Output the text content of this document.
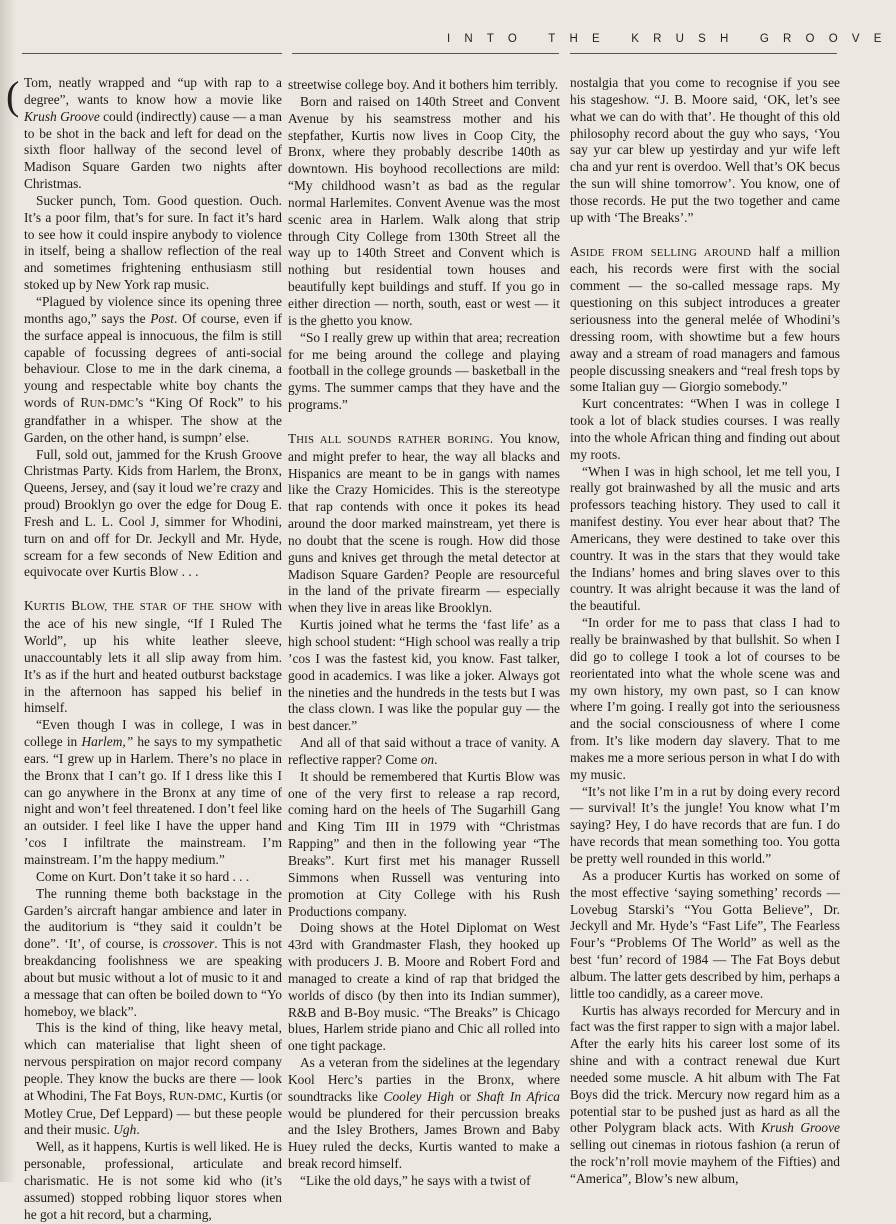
INTO THE KRUSH GROOVE
( Tom, neatly wrapped and “up with rap to a degree”, wants to know how a movie like Krush Groove could (indirectly) cause — a man to be shot in the back and left for dead on the sixth floor hallway of the second level of Madison Square Garden two nights after Christmas.

Sucker punch, Tom. Good question. Ouch. It’s a poor film, that’s for sure. In fact it’s hard to see how it could inspire anybody to violence in itself, being a shallow reflection of the real and sometimes frightening enthusiasm still stoked up by New York rap music.

“Plagued by violence since its opening three months ago,” says the Post. Of course, even if the surface appeal is innocuous, the film is still capable of focussing degrees of anti-social behaviour. Close to me in the dark cinema, a young and respectable white boy chants the words of RUN-DMC’s “King Of Rock” to his grandfather in a whisper. The show at the Garden, on the other hand, is sumpn’ else.

Full, sold out, jammed for the Krush Groove Christmas Party. Kids from Harlem, the Bronx, Queens, Jersey, and (say it loud we’re crazy and proud) Brooklyn go over the edge for Doug E. Fresh and L. L. Cool J, simmer for Whodini, turn on and off for Dr. Jeckyll and Mr. Hyde, scream for a few seconds of New Edition and equivocate over Kurtis Blow . . .

KURTIS BLOW, THE STAR OF THE SHOW with the ace of his new single, “If I Ruled The World”, up his white leather sleeve, unaccountably lets it all slip away from him. It’s as if the hurt and heated outburst backstage in the afternoon has sapped his belief in himself.

“Even though I was in college, I was in college in Harlem,” he says to my sympathetic ears. “I grew up in Harlem. There’s no place in the Bronx that I can’t go. If I dress like this I can go anywhere in the Bronx at any time of night and won’t feel threatened. I don’t feel like an outsider. I feel like I have the upper hand ’cos I infiltrate the mainstream. I’m mainstream. I’m the happy medium.”

Come on Kurt. Don’t take it so hard . . .

The running theme both backstage in the Garden’s aircraft hangar ambience and later in the auditorium is “they said it couldn’t be done”. ‘It’, of course, is crossover. This is not breakdancing foolishness we are speaking about but music without a lot of music to it and a message that can often be boiled down to “Yo homeboy, we black”.

This is the kind of thing, like heavy metal, which can materialise that light sheen of nervous perspiration on major record company people. They know the bucks are there — look at Whodini, The Fat Boys, RUN-DMC, Kurtis (or Motley Crue, Def Leppard) — but these people and their music. Ugh.

Well, as it happens, Kurtis is well liked. He is personable, professional, articulate and charismatic. He is not some kid who (it’s assumed) stopped robbing liquor stores when he got a hit record, but a charming,

streetwise college boy. And it bothers him terribly.

Born and raised on 140th Street and Convent Avenue by his seamstress mother and his stepfather, Kurtis now lives in Coop City, the Bronx, where they probably describe 140th as downtown. His boyhood recollections are mild: “My childhood wasn’t as bad as the regular normal Harlemites. Convent Avenue was the most scenic area in Harlem. Walk along that strip through City College from 130th Street all the way up to 140th Street and Convent which is nothing but residential town houses and beautifully kept buildings and stuff. If you go in either direction — north, south, east or west — it is the ghetto you know.

“So I really grew up within that area; recreation for me being around the college and playing football in the college grounds — basketball in the gyms. The summer camps that they have and the programs.”

THIS ALL SOUNDS RATHER BORING. You know, and might prefer to hear, the way all blacks and Hispanics are meant to be in gangs with names like the Crazy Homicides. This is the stereotype that rap contends with once it pokes its head around the door marked mainstream, yet there is no doubt that the scene is rough. How did those guns and knives get through the metal detector at Madison Square Garden? People are resourceful in the land of the private firearm — especially when they live in areas like Brooklyn.

Kurtis joined what he terms the ‘fast life’ as a high school student: “High school was really a trip ’cos I was the fastest kid, you know. Fast talker, good in academics. I was like a joker. Always got the nineties and the hundreds in the tests but I was the class clown. I was like the popular guy — the best dancer.”

And all of that said without a trace of vanity. A reflective rapper? Come on.

It should be remembered that Kurtis Blow was one of the very first to release a rap record, coming hard on the heels of The Sugarhill Gang and King Tim III in 1979 with “Christmas Rapping” and then in the following year “The Breaks”. Kurt first met his manager Russell Simmons when Russell was venturing into promotion at City College with his Rush Productions company.

Doing shows at the Hotel Diplomat on West 43rd with Grandmaster Flash, they hooked up with producers J. B. Moore and Robert Ford and managed to create a kind of rap that bridged the worlds of disco (by then into its Indian summer), R&B and B-Boy music. “The Breaks” is Chicago blues, Harlem stride piano and Chic all rolled into one tight package.

As a veteran from the sidelines at the legendary Kool Herc’s parties in the Bronx, where soundtracks like Cooley High or Shaft In Africa would be plundered for their percussion breaks and the Isley Brothers, James Brown and Baby Huey ruled the decks, Kurtis wanted to make a break record himself.

“Like the old days,” he says with a twist of

nostalgia that you come to recognise if you see his stageshow. “J. B. Moore said, ‘OK, let’s see what we can do with that’. He thought of this old philosophy record about the guy who says, ‘You say yur car blew up yestirday and yur wife left cha and yur rent is overdoo. Well that’s OK becus the sun will shine tomorrow’. You know, one of those records. He put the two together and came up with ‘The Breaks’.”

ASIDE FROM SELLING AROUND half a million each, his records were first with the social comment — the so-called message raps. My questioning on this subject introduces a greater seriousness into the general melée of Whodini’s dressing room, with showtime but a few hours away and a stream of road managers and famous people discussing sneakers and “real fresh tops by some Italian guy — Giorgio somebody.”

Kurt concentrates: “When I was in college I took a lot of black studies courses. I was really into the whole African thing and finding out about my roots.

“When I was in high school, let me tell you, I really got brainwashed by all the music and arts professors teaching history. They used to call it manifest destiny. You ever hear about that? The Americans, they were destined to take over this country. It was in the stars that they would take the Indians’ homes and bring slaves over to this country. It was alright because it was the land of the beautiful.

“In order for me to pass that class I had to really be brainwashed by that bullshit. So when I did go to college I took a lot of courses to be reorientated into what the whole scene was and my own history, my own past, so I can know where I’m going. I really got into the seriousness and the social consciousness of where I come from. It’s like modern day slavery. That to me makes me a more serious person in what I do with my music.

“It’s not like I’m in a rut by doing every record — survival! It’s the jungle! You know what I’m saying? Hey, I do have records that are fun. I do have records that mean something too. You gotta be pretty well rounded in this world.”

As a producer Kurtis has worked on some of the most effective ‘saying something’ records — Lovebug Starski’s “You Gotta Believe”, Dr. Jeckyll and Mr. Hyde’s “Fast Life”, The Fearless Four’s “Problems Of The World” as well as the best ‘fun’ record of 1984 — The Fat Boys debut album. The latter gets described by him, perhaps a little too candidly, as a career move.

Kurtis has always recorded for Mercury and in fact was the first rapper to sign with a major label. After the early hits his career lost some of its shine and with a contract renewal due Kurt needed some muscle. A hit album with The Fat Boys did the trick. Mercury now regard him as a potential star to be pushed just as hard as all the other Polygram black acts. With Krush Groove selling out cinemas in riotous fashion (a rerun of the rock’n’roll movie mayhem of the Fifties) and “America”, Blow’s new album,
